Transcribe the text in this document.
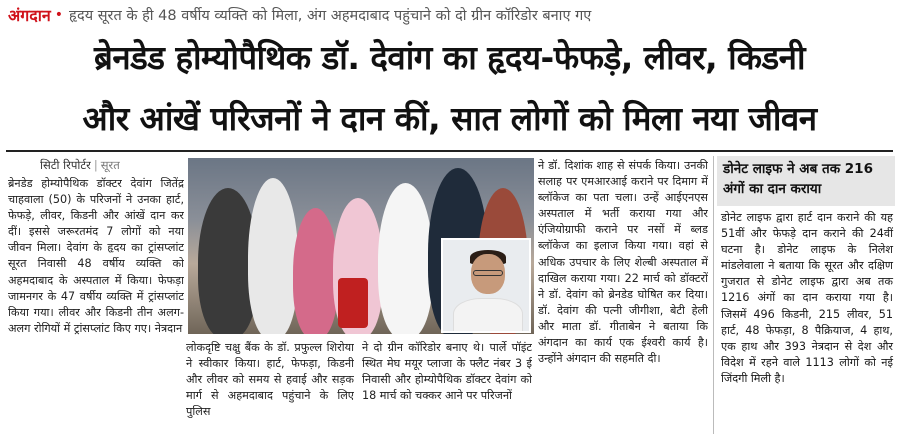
अंगदान • हृदय सूरत के ही 48 वर्षीय व्यक्ति को मिला, अंग अहमदाबाद पहुंचाने को दो ग्रीन कॉरिडोर बनाए गए
ब्रेनडेड होम्योपैथिक डॉ. देवांग का हृदय-फेफड़े, लीवर, किडनी
और आंखें परिजनों ने दान कीं, सात लोगों को मिला नया जीवन
सिटी रिपोर्टर | सूरत

ब्रेनडेड होम्योपैथिक डॉक्टर देवांग जितेंद्र चाहवाला (50) के परिजनों ने उनका हार्ट, फेफड़े, लीवर, किडनी और आंखें दान कर दीं। इससे जरूरतमंद 7 लोगों को नया जीवन मिला। देवांग के हृदय का ट्रांसप्लांट सूरत निवासी 48 वर्षीय व्यक्ति को अहमदाबाद के अस्पताल में किया। फेफड़ा जामनगर के 47 वर्षीय व्यक्ति में ट्रांसप्लांट किया गया। लीवर और किडनी तीन अलग-अलग रोगियों में ट्रांसप्लांट किए गए। नेत्रदान

लोकदृष्टि चक्षु बैंक के डॉ. प्रफुल्ल शिरोया ने स्वीकार किया। हार्ट, फेफड़ा, किडनी और लीवर को समय से हवाई और सड़क मार्ग से अहमदाबाद पहुंचाने के लिए पुलिस

ने दो ग्रीन कॉरिडोर बनाए थे। पार्ले पॉइंट स्थित मेघ मयूर प्लाजा के फ्लैट नंबर 3 ई निवासी और होम्योपैथिक डॉक्टर देवांग को 18 मार्च को चक्कर आने पर परिजनों

ने डॉ. दिशांक शाह से संपर्क किया। उनकी सलाह पर एमआरआई कराने पर दिमाग में ब्लॉकेज का पता चला। उन्हें आईएनएस अस्पताल में भर्ती कराया गया और एंजियोग्राफी कराने पर नसों में ब्लड ब्लॉकेज का इलाज किया गया। वहां से अधिक उपचार के लिए शेल्बी अस्पताल में दाखिल कराया गया। 22 मार्च को डॉक्टरों ने डॉ. देवांग को ब्रेनडेड घोषित कर दिया। डॉ. देवांग की पत्नी जीगीशा, बेटी हेली और माता डॉ. गीताबेन ने बताया कि अंगदान का कार्य एक ईश्वरी कार्य है। उन्होंने अंगदान की सहमति दी।

डोनेट लाइफ ने अब तक 216 अंगों का दान कराया
डोनेट लाइफ द्वारा हार्ट दान कराने की यह 51वीं और फेफड़े दान कराने की 24वीं घटना है। डोनेट लाइफ के निलेश मांडलेवाला ने बताया कि सूरत और दक्षिण गुजरात से डोनेट लाइफ द्वारा अब तक 1216 अंगों का दान कराया गया है। जिसमें 496 किडनी, 215 लीवर, 51 हार्ट, 48 फेफड़ा, 8 पैक्रियाज, 4 हाथ, एक हाथ और 393 नेत्रदान से देश और विदेश में रहने वाले 1113 लोगों को नई जिंदगी मिली है।
